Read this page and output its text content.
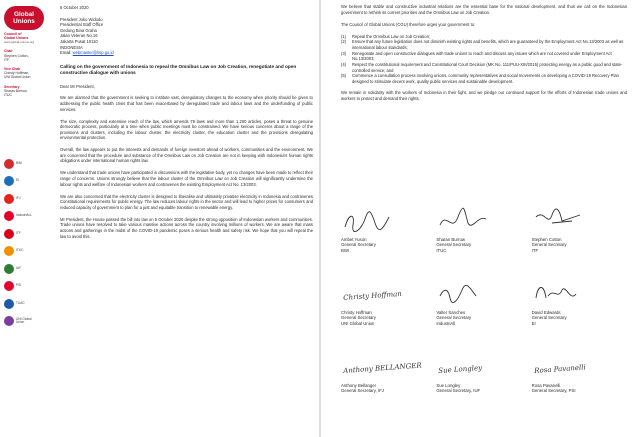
Global
Unions
Council of
Global Unions
www.global-unions.org
Chair
Stephen Cotton,
ITF
Vice Chair
Christy Hoffman,
UNI Global Union
Secretary
Sharan Burrow,
ITUC
BWI
EI
IFJ
IndustriALL
ITF
ITUC
IUF
PSI
TUAC
UNI Global Union
6 October 2020
President Joko Widodo
Presidential Staff Office
Gedung Bina Graha
Jalan Veteran No.16
Jakarta Pusat 10110
INDONESIA
Email: webmaster@ksp.go.id
Calling on the government of Indonesia to repeal the Omnibus Law on Job Creation, renegotiate and open constructive dialogue with unions
Dear Mr President,

We are alarmed that the government is seeking to institute vast, deregulatory changes to the economy when priority should be given to addressing the public health crisis that has been exacerbated by deregulated trade and labour laws and the underfunding of public services.

The size, complexity and extensive reach of the law, which amends 79 laws and more than 1,200 articles, poses a threat to genuine democratic process, particularly at a time when public meetings must be constrained. We have serious concerns about a range of the provisions and clusters, including the labour cluster, the electricity cluster, the education cluster and the provisions deregulating environmental protection.

Overall, the law appears to put the interests and demands of foreign investors ahead of workers, communities and the environment. We are concerned that the procedure and substance of the Omnibus Law on Job Creation are not in keeping with Indonesia's human rights obligations under international human rights law.

We understand that trade unions have participated in discussions with the legislative body, yet no changes have been made to reflect their range of concerns. Unions strongly believe that the labour cluster of the Omnibus Law on Job Creation will significantly undermine the labour rights and welfare of Indonesian workers and contravenes the existing Employment Act No. 13/2003.

We are also concerned that the electricity cluster is designed to liberalise and ultimately privatise electricity in Indonesia and contravenes Constitutional requirements for public energy. The law reduces labour rights in the sector and will lead to higher prices for consumers and reduced capacity of government to plan for a just and equitable transition to renewable energy.

Mr President, the House passed the bill into law on 5 October 2020 despite the strong opposition of Indonesian workers and communities. Trade unions have resolved to take various massive actions across the country involving millions of workers. We are aware that mass actions and gatherings in the midst of the COVID-19 pandemic poses a serious health and safety risk. We hope that you will repeal the law to avoid this.

We believe that stable and constructive industrial relations are the essential base for the national development, and thus we call on the Indonesian government to rethink its current priorities and the Omnibus Law on Job Creation.

The Council of Global Unions (CGU) therefore urges your government to:

(1)	Repeal the Omnibus Law on Job Creation;
(2)	Ensure that any future legislation does not diminish existing rights and benefits, which are guaranteed by the Employment Act No.13/2003 as well as international labour standards;
(3)	Renegotiate and open constructive dialogues with trade unions to reach and discuss any issues which are not covered under Employment Act No.13/2003;
(4)	Respect the constitutional requirement and Constitutional Court Decision (MK No. 111/PUU-XIII/2015) protecting energy as a public good and state-controlled service; and
(5)	Commence a consultation process involving unions, community representatives and social movements on developing a COVID-19 Recovery Plan designed to stimulate decent work, quality public services and sustainable development.

We remain in solidarity with the workers of Indonesia in their fight, and we pledge our continued support for the efforts of Indonesian trade unions and workers to protect and demand their rights.

Ambet Yuson
General Secretary
BWI
Sharan Burrow
General Secretary
ITUC
Stephen Cotton
General Secretary
ITF
Christy Hoffman
Christy Hoffman
General Secretary
UNI Global Union
Valter Sanches
General Secretary
IndustriAll
David Edwards
General Secretary
EI
Anthony BELLANGER
Anthony Bellanger
General Secretary, IFJ
Sue Longley
Sue Longley
General Secretary, IUF
Rosa Pavanelli
Rosa Pavanelli
General Secretary, PSI
